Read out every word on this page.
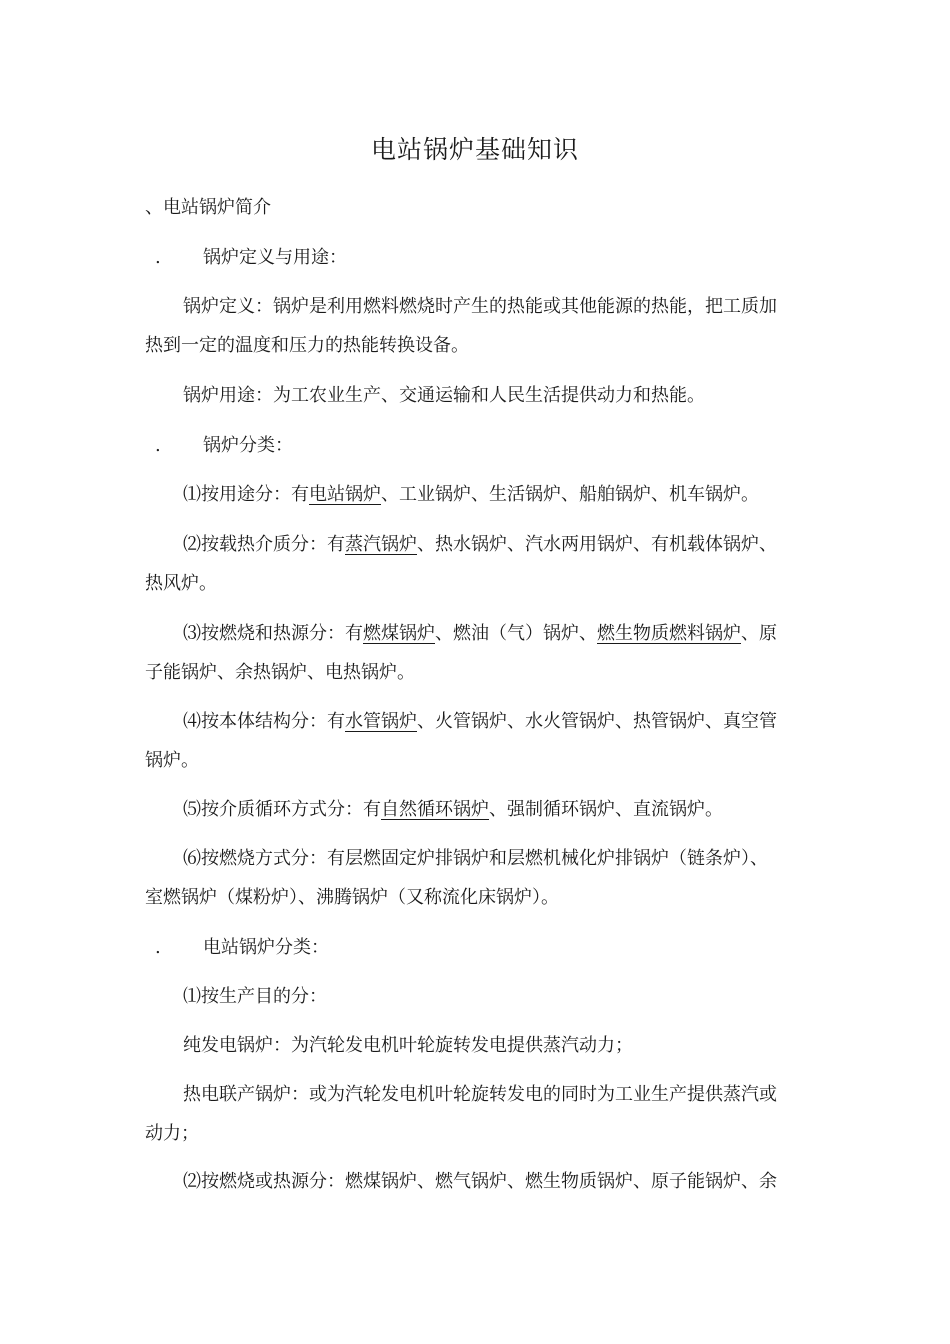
电站锅炉基础知识
、电站锅炉简介
. 锅炉定义与用途：
锅炉定义：锅炉是利用燃料燃烧时产生的热能或其他能源的热能，把工质加
热到一定的温度和压力的热能转换设备。
锅炉用途：为工农业生产、交通运输和人民生活提供动力和热能。
. 锅炉分类：
⑴按用途分：有电站锅炉、工业锅炉、生活锅炉、船舶锅炉、机车锅炉。
⑵按载热介质分：有蒸汽锅炉、热水锅炉、汽水两用锅炉、有机载体锅炉、
热风炉。
⑶按燃烧和热源分：有燃煤锅炉、燃油（气）锅炉、燃生物质燃料锅炉、原
子能锅炉、余热锅炉、电热锅炉。
⑷按本体结构分：有水管锅炉、火管锅炉、水火管锅炉、热管锅炉、真空管
锅炉。
⑸按介质循环方式分：有自然循环锅炉、强制循环锅炉、直流锅炉。
⑹按燃烧方式分：有层燃固定炉排锅炉和层燃机械化炉排锅炉（链条炉）、
室燃锅炉（煤粉炉）、沸腾锅炉（又称流化床锅炉）。
. 电站锅炉分类：
⑴按生产目的分：
纯发电锅炉：为汽轮发电机叶轮旋转发电提供蒸汽动力；
热电联产锅炉：或为汽轮发电机叶轮旋转发电的同时为工业生产提供蒸汽或
动力；
⑵按燃烧或热源分：燃煤锅炉、燃气锅炉、燃生物质锅炉、原子能锅炉、余
